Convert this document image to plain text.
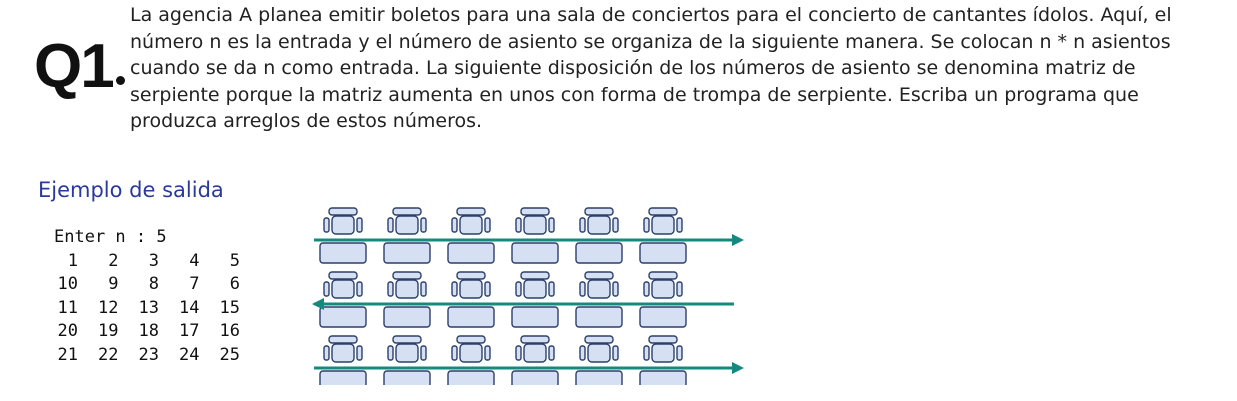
Q1

La agencia A planea emitir boletos para una sala de conciertos para el concierto de cantantes ídolos. Aquí, el número n es la entrada y el número de asiento se organiza de la siguiente manera. Se colocan n * n asientos cuando se da n como entrada. La siguiente disposición de los números de asiento se denomina matriz de serpiente porque la matriz aumenta en unos con forma de trompa de serpiente. Escriba un programa que produzca arreglos de estos números.

Ejemplo de salida
Enter n : 5
1	2	3	4	5
10	9	8	7	6
11	12	13	14	15
20	19	18	17	16
21	22	23	24	25
